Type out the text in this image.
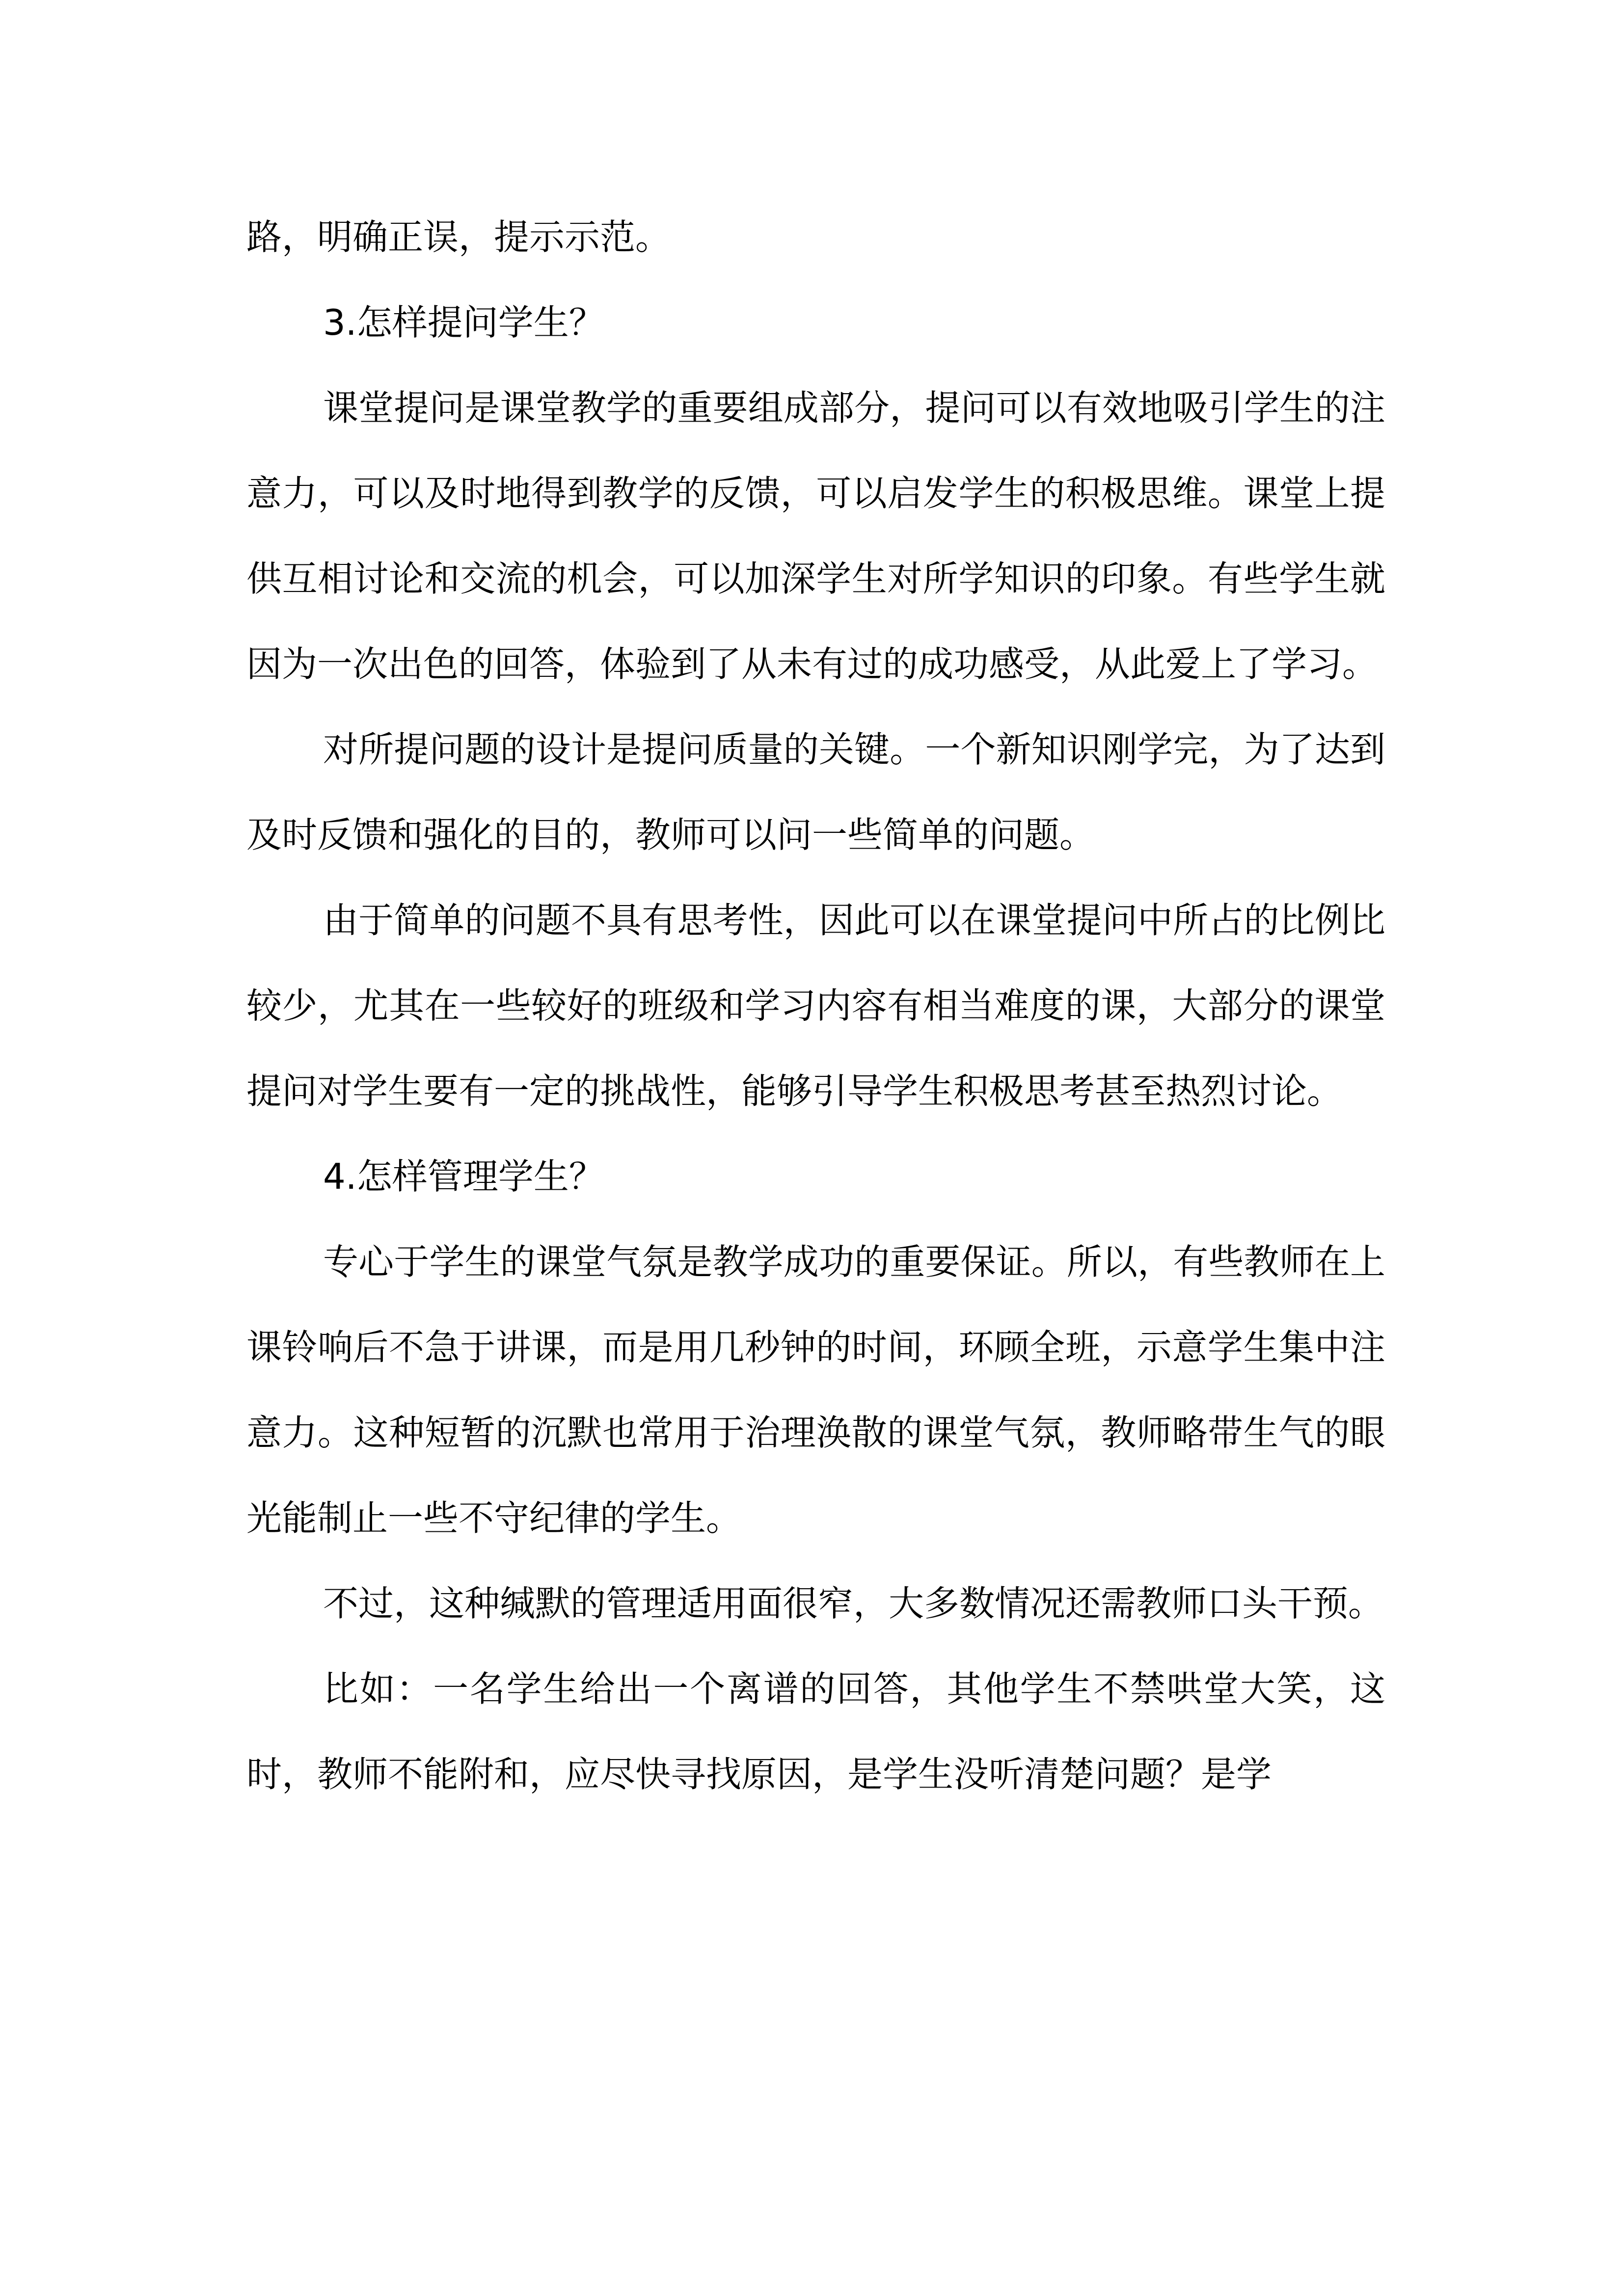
路，明确正误，提示示范。

3.怎样提问学生？

课堂提问是课堂教学的重要组成部分，提问可以有效地吸引学生的注意力，可以及时地得到教学的反馈，可以启发学生的积极思维。课堂上提供互相讨论和交流的机会，可以加深学生对所学知识的印象。有些学生就因为一次出色的回答，体验到了从未有过的成功感受，从此爱上了学习。

对所提问题的设计是提问质量的关键。一个新知识刚学完，为了达到及时反馈和强化的目的，教师可以问一些简单的问题。

由于简单的问题不具有思考性，因此可以在课堂提问中所占的比例比较少，尤其在一些较好的班级和学习内容有相当难度的课，大部分的课堂提问对学生要有一定的挑战性，能够引导学生积极思考甚至热烈讨论。

4.怎样管理学生？

专心于学生的课堂气氛是教学成功的重要保证。所以，有些教师在上课铃响后不急于讲课，而是用几秒钟的时间，环顾全班，示意学生集中注意力。这种短暂的沉默也常用于治理涣散的课堂气氛，教师略带生气的眼光能制止一些不守纪律的学生。

不过，这种缄默的管理适用面很窄，大多数情况还需教师口头干预。

比如：一名学生给出一个离谱的回答，其他学生不禁哄堂大笑，这时，教师不能附和，应尽快寻找原因，是学生没听清楚问题？是学
